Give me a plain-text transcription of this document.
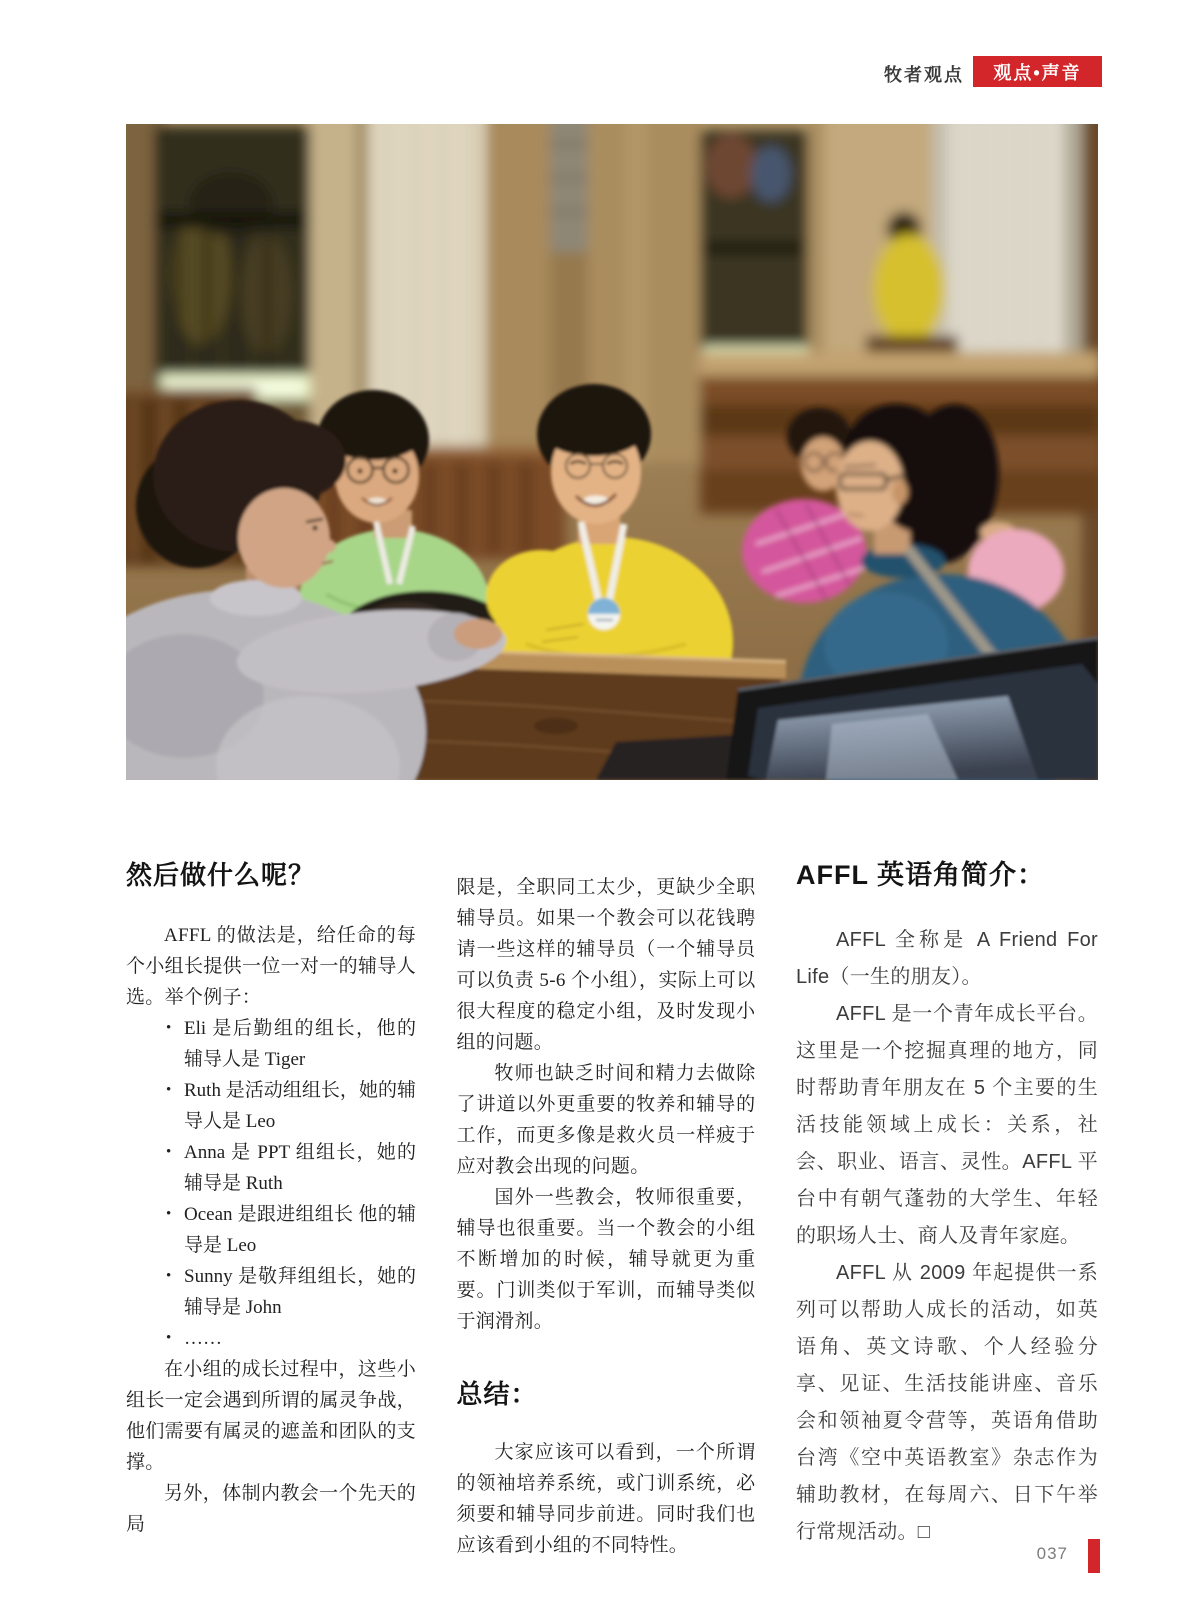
牧者观点	观点•声音
然后做什么呢？

AFFL 的做法是，给任命的每个小组长提供一位一对一的辅导人选。举个例子：

• Eli 是后勤组的组长，他的辅导人是 Tiger
• Ruth 是活动组组长，她的辅导人是 Leo
• Anna 是 PPT 组组长，她的辅导是 Ruth
• Ocean 是跟进组组长 他的辅导是 Leo
• Sunny 是敬拜组组长，她的辅导是 John
• ……

在小组的成长过程中，这些小组长一定会遇到所谓的属灵争战，他们需要有属灵的遮盖和团队的支撑。

另外，体制内教会一个先天的局

限是，全职同工太少，更缺少全职辅导员。如果一个教会可以花钱聘请一些这样的辅导员（一个辅导员可以负责 5-6 个小组），实际上可以很大程度的稳定小组，及时发现小组的问题。

牧师也缺乏时间和精力去做除了讲道以外更重要的牧养和辅导的工作，而更多像是救火员一样疲于应对教会出现的问题。

国外一些教会，牧师很重要，辅导也很重要。当一个教会的小组不断增加的时候，辅导就更为重要。门训类似于军训，而辅导类似于润滑剂。

总结：

大家应该可以看到，一个所谓的领袖培养系统，或门训系统，必须要和辅导同步前进。同时我们也应该看到小组的不同特性。

AFFL 英语角简介：

AFFL 全称是 A Friend For Life（一生的朋友）。

AFFL 是一个青年成长平台。这里是一个挖掘真理的地方，同时帮助青年朋友在 5 个主要的生活技能领域上成长：关系，社会、职业、语言、灵性。AFFL 平台中有朝气蓬勃的大学生、年轻的职场人士、商人及青年家庭。

AFFL 从 2009 年起提供一系列可以帮助人成长的活动，如英语角、英文诗歌、个人经验分享、见证、生活技能讲座、音乐会和领袖夏令营等，英语角借助台湾《空中英语教室》杂志作为辅助教材，在每周六、日下午举行常规活动。□

037
